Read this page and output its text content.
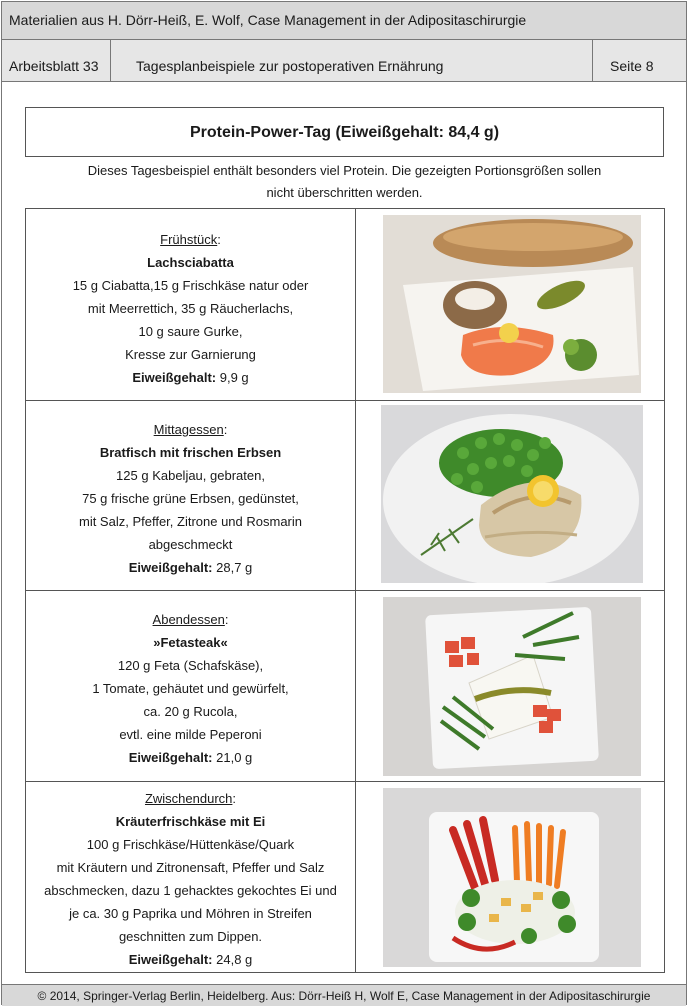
Materialien aus H. Dörr-Heiß, E. Wolf, Case Management in der Adipositaschirurgie
Arbeitsblatt 33	Tagesplanbeispiele zur postoperativen Ernährung	Seite 8
Protein-Power-Tag (Eiweißgehalt: 84,4 g)
Dieses Tagesbeispiel enthält besonders viel Protein. Die gezeigten Portionsgrößen sollen
nicht überschritten werden.
Frühstück:
Lachsciabatta
15 g Ciabatta,15 g Frischkäse natur oder
mit Meerrettich, 35 g Räucherlachs,
10 g saure Gurke,
Kresse zur Garnierung
Eiweißgehalt: 9,9 g
Mittagessen:
Bratfisch mit frischen Erbsen
125 g Kabeljau, gebraten,
75 g frische grüne Erbsen, gedünstet,
mit Salz, Pfeffer, Zitrone und Rosmarin
abgeschmeckt
Eiweißgehalt: 28,7 g
Abendessen:
»Fetasteak«
120 g Feta (Schafskäse),
1 Tomate, gehäutet und gewürfelt,
ca. 20 g Rucola,
evtl. eine milde Peperoni
Eiweißgehalt: 21,0 g
Zwischendurch:
Kräuterfrischkäse mit Ei
100 g Frischkäse/Hüttenkäse/Quark
mit Kräutern und Zitronensaft, Pfeffer und Salz
abschmecken, dazu 1 gehacktes gekochtes Ei und
je ca. 30 g Paprika und Möhren in Streifen
geschnitten zum Dippen.
Eiweißgehalt: 24,8 g
© 2014, Springer-Verlag Berlin, Heidelberg. Aus: Dörr-Heiß H, Wolf E, Case Management in der Adipositaschirurgie
